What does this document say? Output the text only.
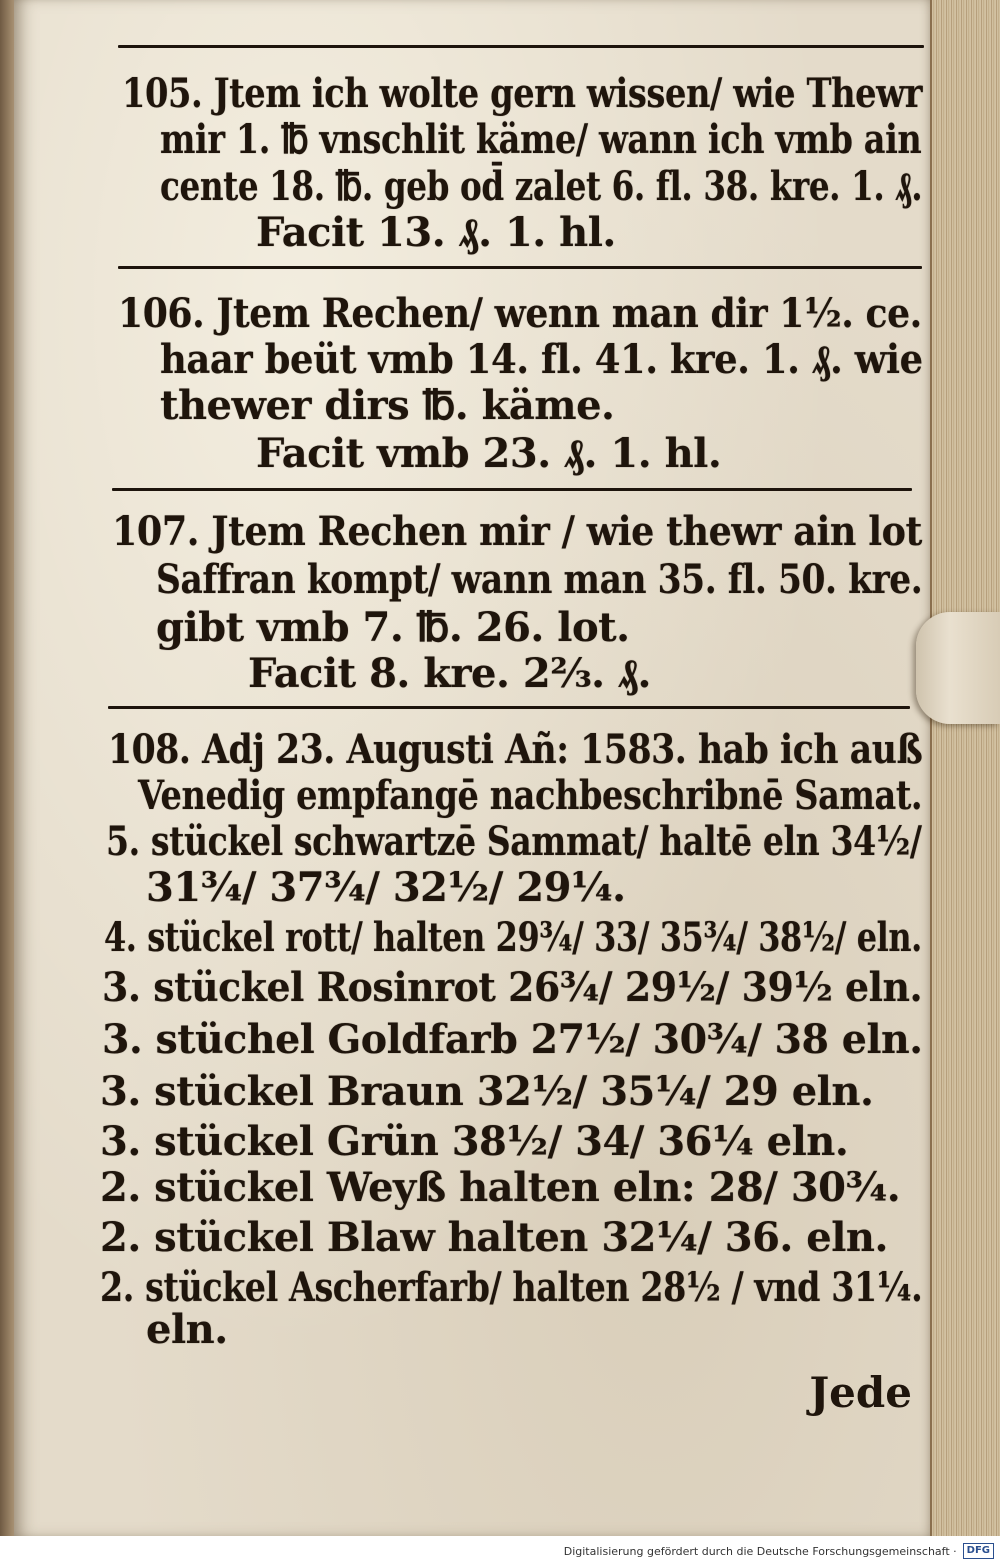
105. Jtem ich wolte gern wissen/ wie Thewr
mir 1. ℔ vnschlit käme/ wann ich vmb ain
cente 18. ℔. geb od̄ zalet 6. fl. 38. kre. 1. ₰.
Facit 13. ₰. 1. hl.
106. Jtem Rechen/ wenn man dir 1½. ce.
haar beüt vmb 14. fl. 41. kre. 1. ₰. wie
thewer dirs ℔. käme.
Facit vmb 23. ₰. 1. hl.
107. Jtem Rechen mir / wie thewr ain lot
Saffran kompt/ wann man 35. fl. 50. kre.
gibt vmb 7. ℔. 26. lot.
Facit 8. kre. 2⅔. ₰.
108. Adj 23. Augusti Añ: 1583. hab ich auß
Venedig empfangē nachbeschribnē Samat.
5. stückel schwartzē Sammat/ haltē eln 34½/
31¾/ 37¾/ 32½/ 29¼.
4. stückel rott/ halten 29¾/ 33/ 35¾/ 38½/ eln.
3. stückel Rosinrot 26¾/ 29½/ 39½ eln.
3. stüchel Goldfarb 27½/ 30¾/ 38 eln.
3. stückel Braun 32½/ 35¼/ 29 eln.
3. stückel Grün 38½/ 34/ 36¼ eln.
2. stückel Weyß halten eln: 28/ 30¾.
2. stückel Blaw halten 32¼/ 36. eln.
2. stückel Ascherfarb/ halten 28½ / vnd 31¼.
eln.
Jede
Digitalisierung gefördert durch die Deutsche Forschungsgemeinschaft ·	DFG
